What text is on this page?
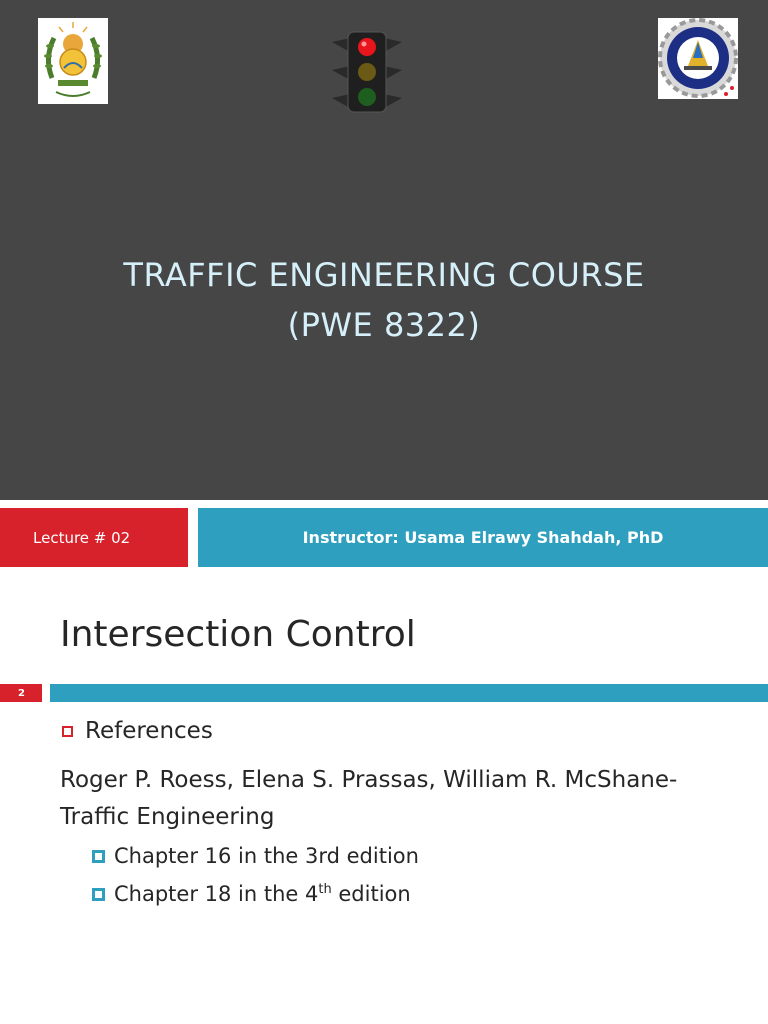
TRAFFIC ENGINEERING COURSE
(PWE 8322)
Lecture # 02	Instructor: Usama Elrawy Shahdah, PhD
Intersection Control
2
References
Roger P. Roess, Elena S. Prassas, William R. McShane- Traffic Engineering
Chapter 16 in the 3rd edition
Chapter 18 in the 4th edition
